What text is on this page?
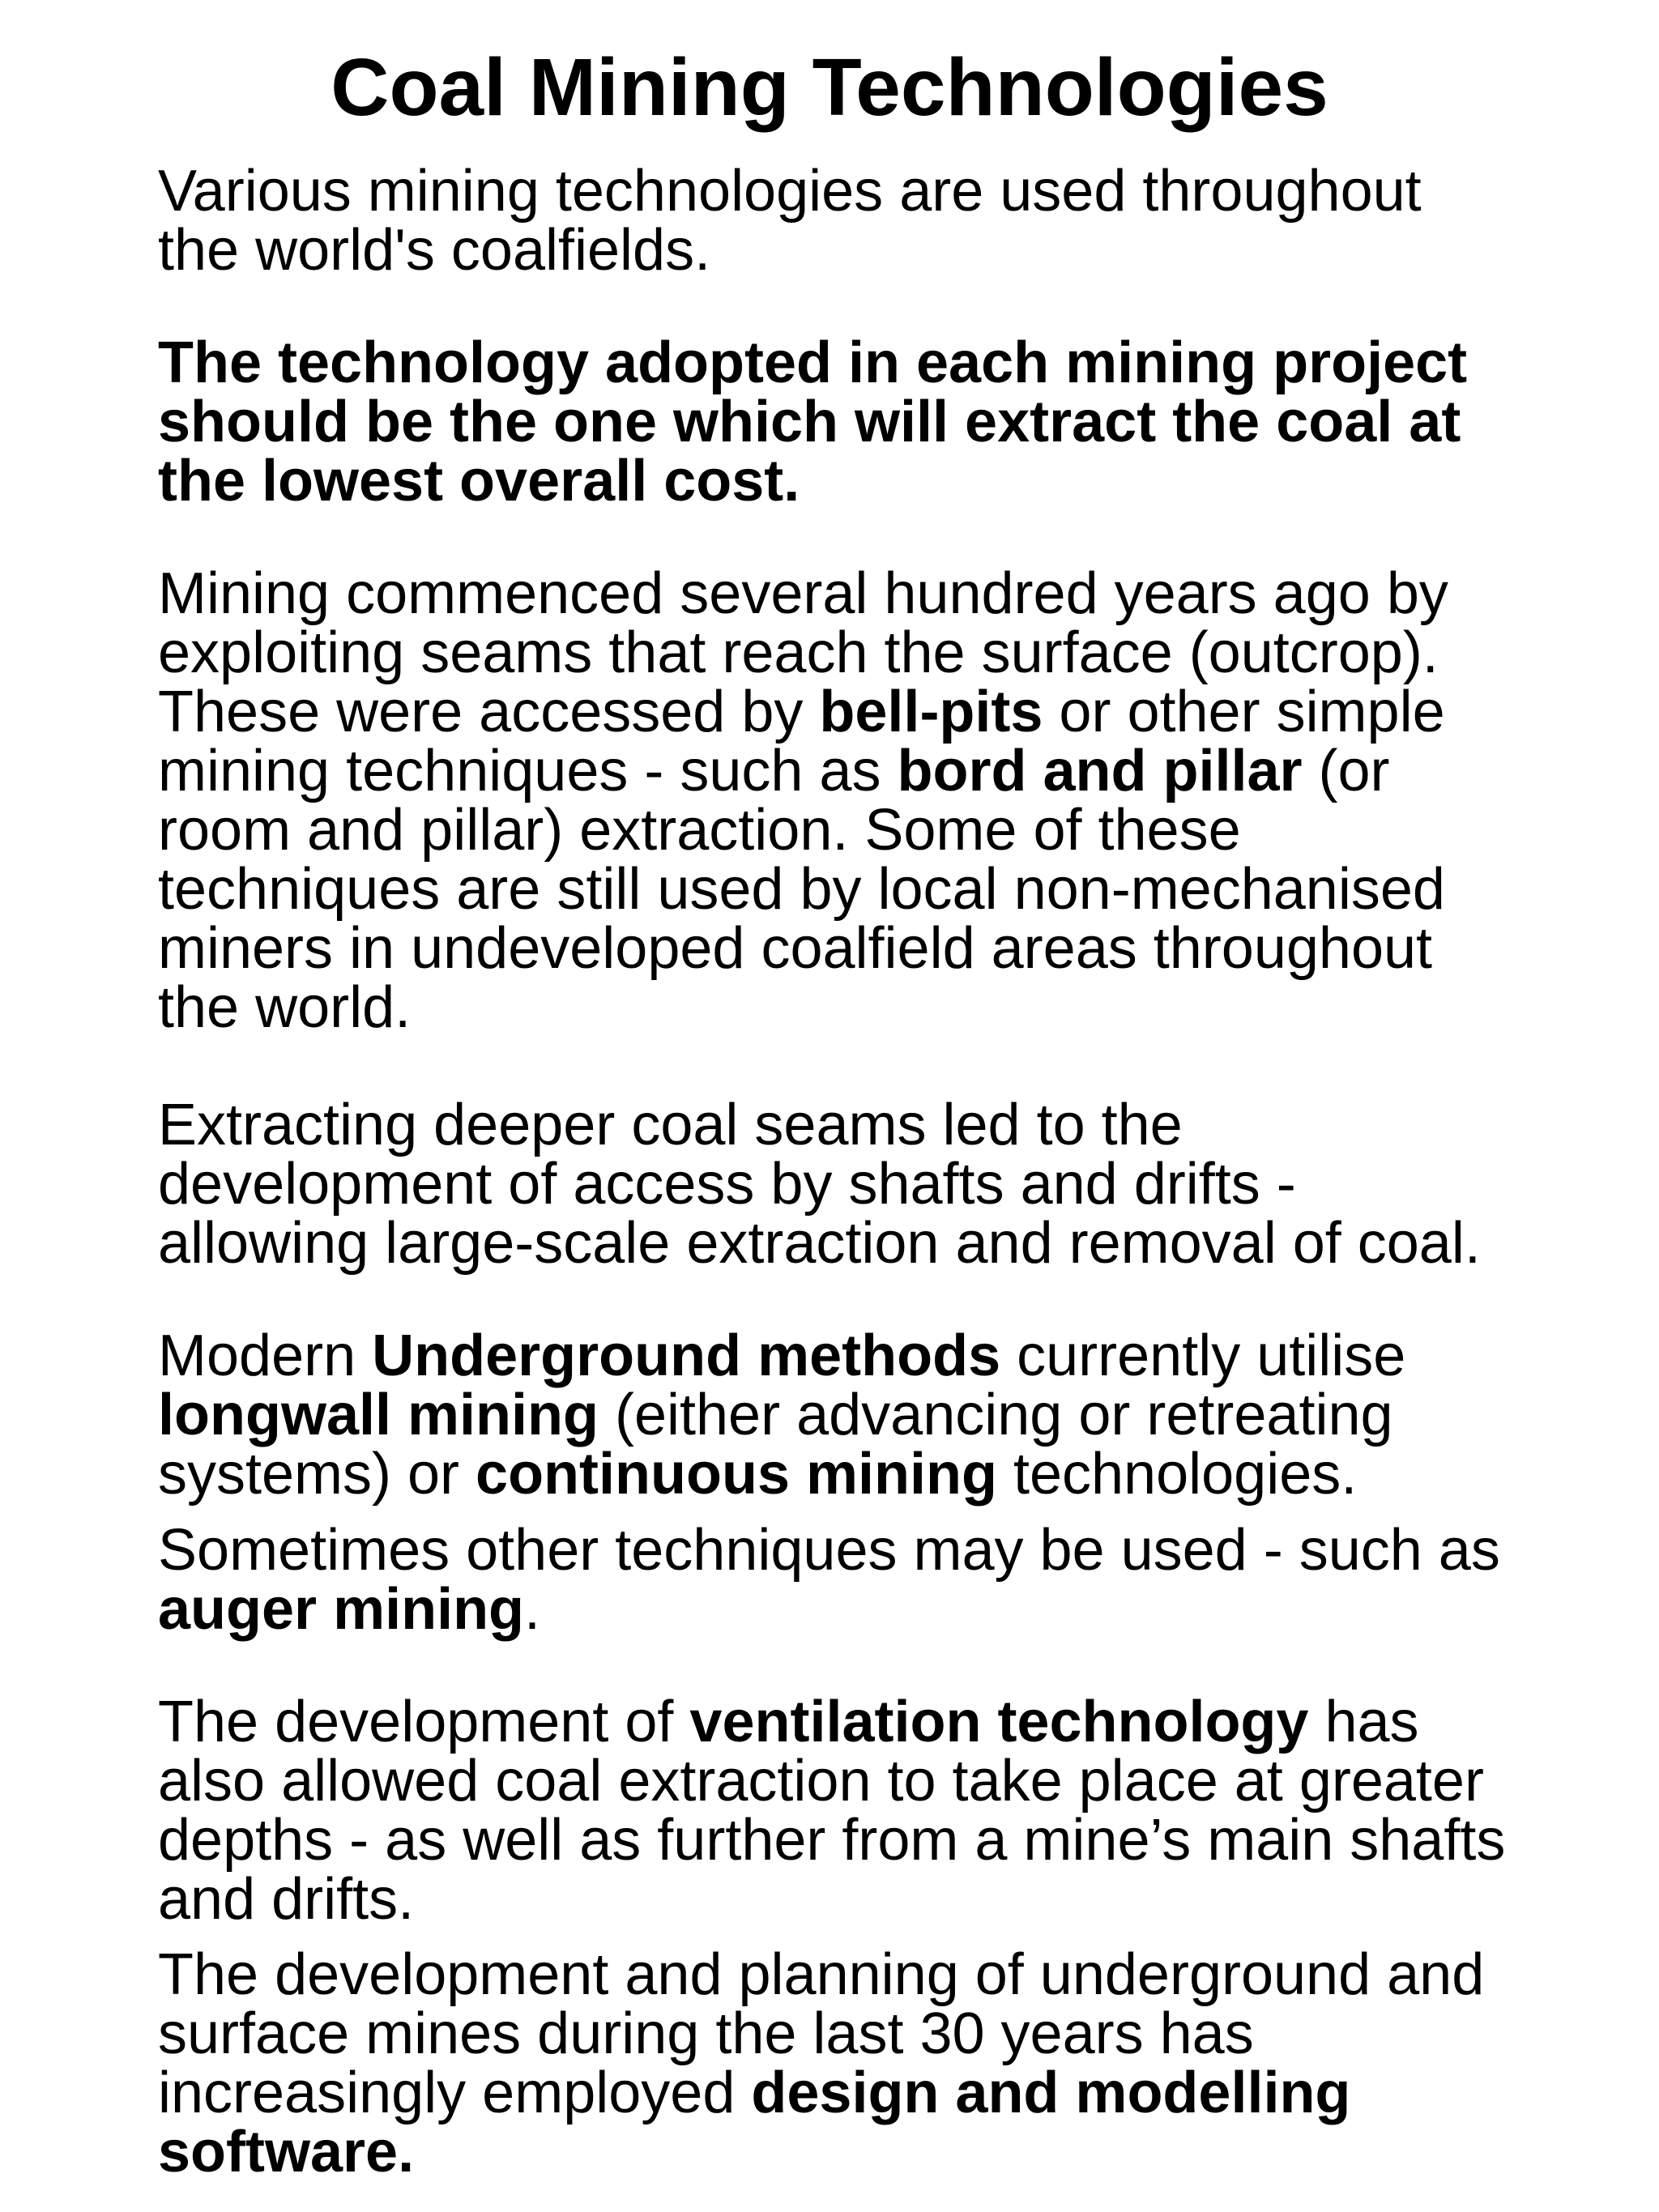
Coal Mining Technologies

Various mining technologies are used throughout
the world's coalfields.

The technology adopted in each mining project
should be the one which will extract the coal at
the lowest overall cost.

Mining commenced several hundred years ago by
exploiting seams that reach the surface (outcrop).
These were accessed by bell-pits or other simple
mining techniques - such as bord and pillar (or
room and pillar) extraction. Some of these
techniques are still used by local non-mechanised
miners in undeveloped coalfield areas throughout
the world.

Extracting deeper coal seams led to the
development of access by shafts and drifts -
allowing large-scale extraction and removal of coal.

Modern Underground methods currently utilise
longwall mining (either advancing or retreating
systems) or continuous mining technologies.

Sometimes other techniques may be used - such as
auger mining.

The development of ventilation technology has
also allowed coal extraction to take place at greater
depths - as well as further from a mine’s main shafts
and drifts.

The development and planning of underground and
surface mines during the last 30 years has
increasingly employed design and modelling
software.
